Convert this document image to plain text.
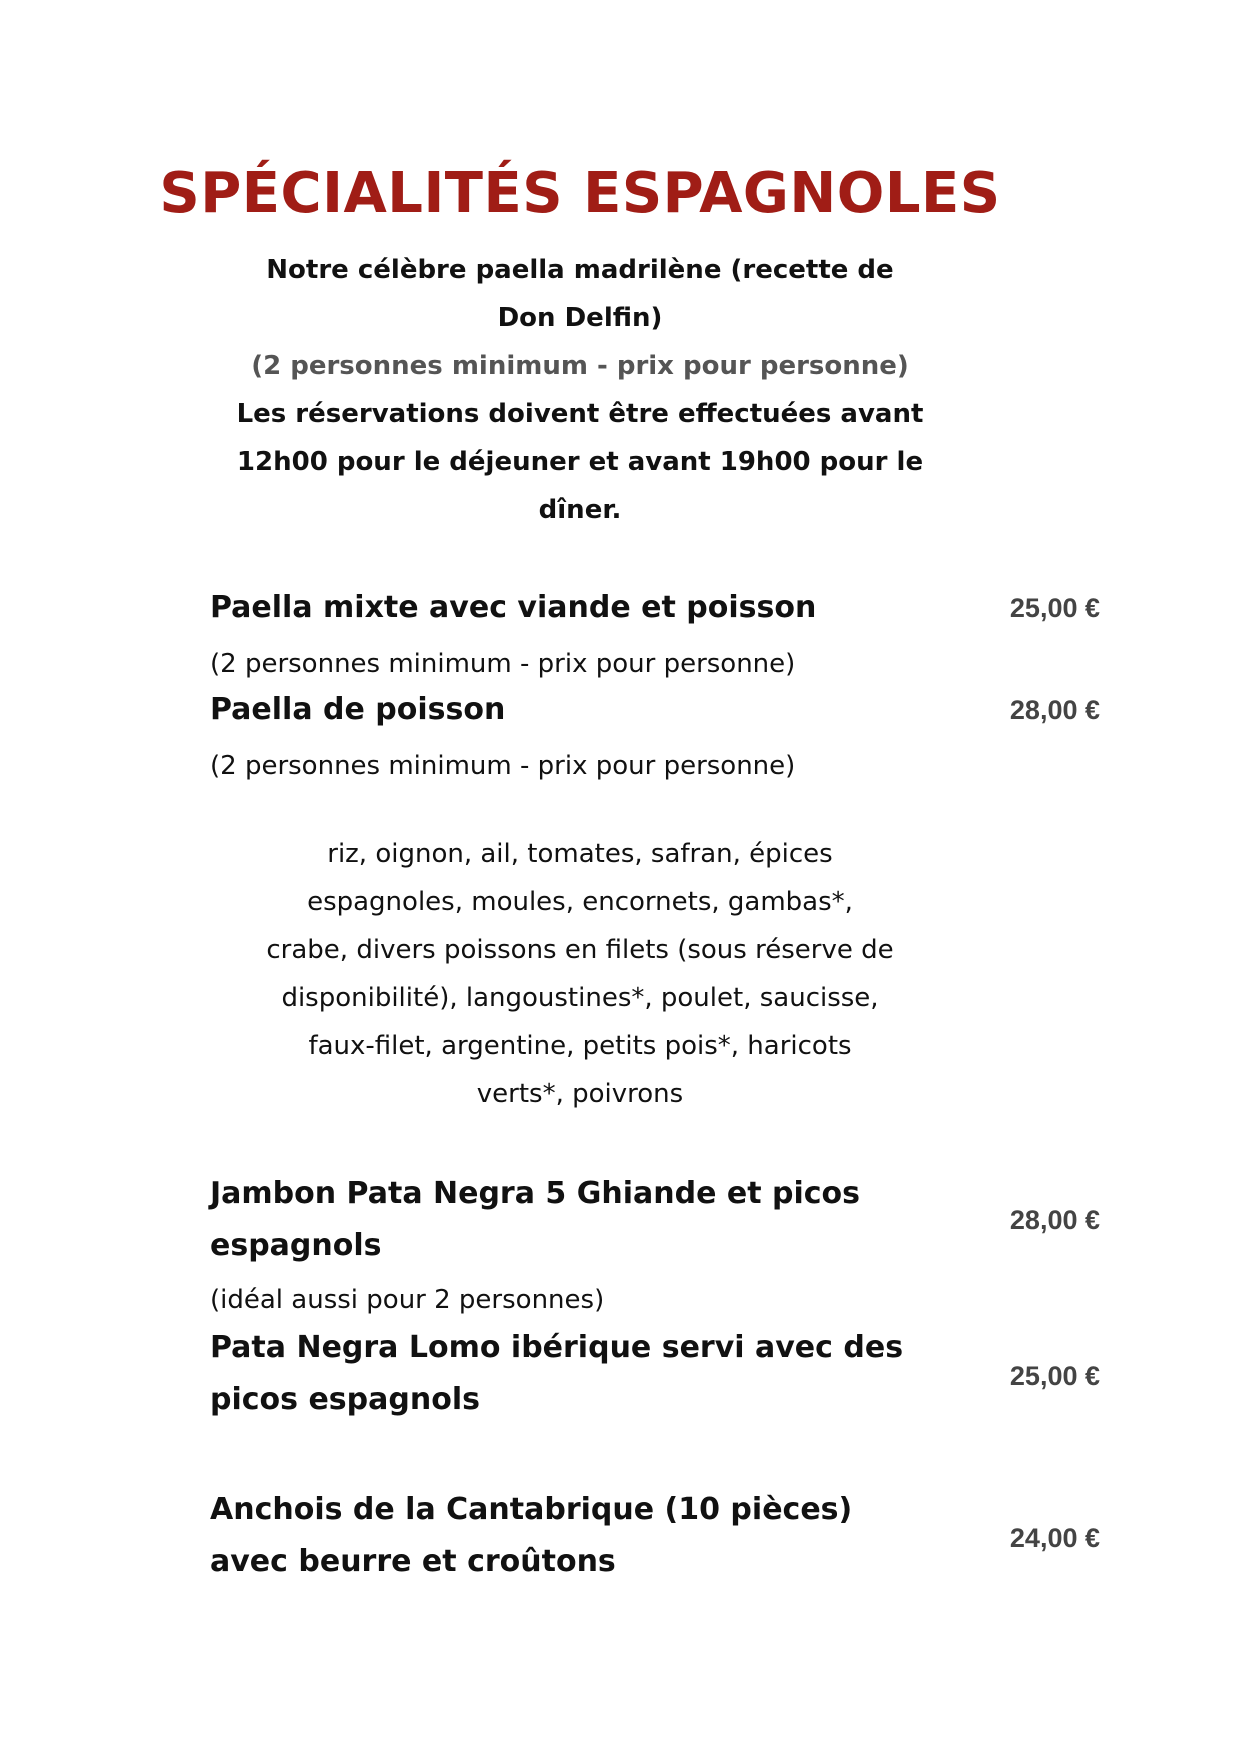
SPÉCIALITÉS ESPAGNOLES
Notre célèbre paella madrilène (recette de
Don Delfin)
(2 personnes minimum - prix pour personne)
Les réservations doivent être effectuées avant
12h00 pour le déjeuner et avant 19h00 pour le
dîner.
Paella mixte avec viande et poisson	25,00 €
(2 personnes minimum - prix pour personne)
Paella de poisson	28,00 €
(2 personnes minimum - prix pour personne)
riz, oignon, ail, tomates, safran, épices
espagnoles, moules, encornets, gambas*,
crabe, divers poissons en filets (sous réserve de
disponibilité), langoustines*, poulet, saucisse,
faux-filet, argentine, petits pois*, haricots
verts*, poivrons
Jambon Pata Negra 5 Ghiande et picos
espagnols
28,00 €
(idéal aussi pour 2 personnes)
Pata Negra Lomo ibérique servi avec des
picos espagnols
25,00 €
Anchois de la Cantabrique (10 pièces)
avec beurre et croûtons
24,00 €
